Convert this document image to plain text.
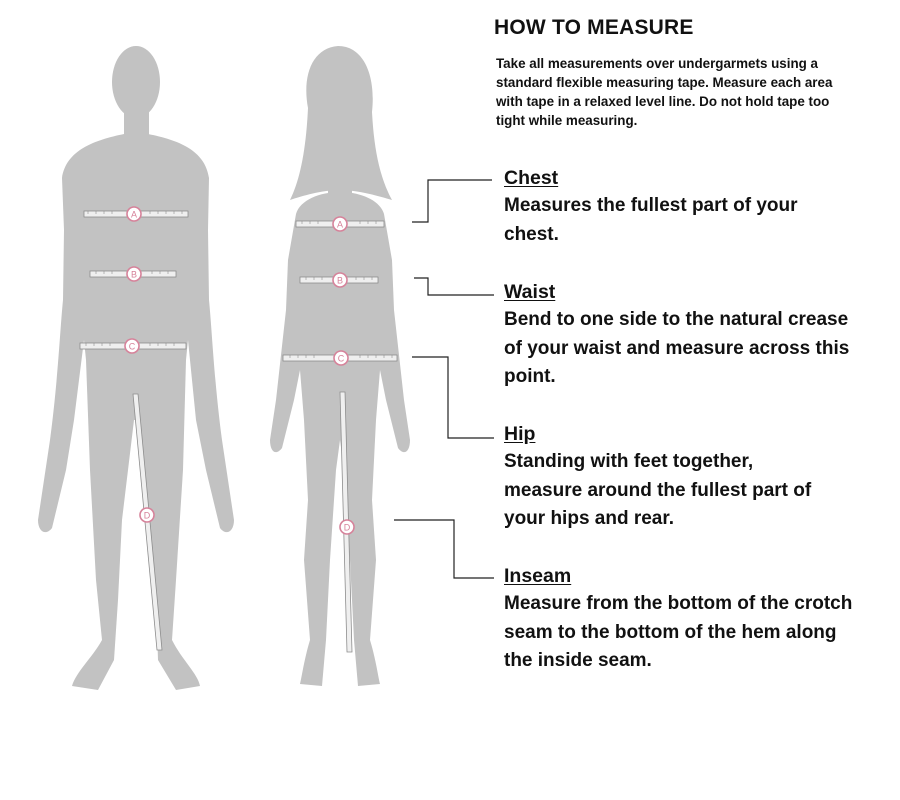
A
B
C
D
A
B
C
D
HOW TO MEASURE

Take all measurements over undergarmets using a standard flexible measuring tape. Measure each area with tape in a relaxed level line. Do not hold tape too tight while measuring.

Chest

Measures the fullest part of your chest.

Waist

Bend to one side to the natural crease of your waist and measure across this point.

Hip

Standing with feet together, measure around the fullest part of your hips and rear.

Inseam

Measure from the bottom of the crotch seam to the bottom of the hem along the inside seam.
